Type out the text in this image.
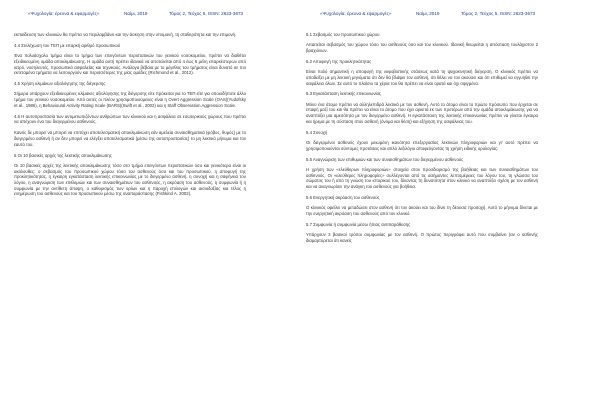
«Ψυχολογία: έρευνα & εφαρμογές»	Ναίμι, 2019	Τόμος 2, Τεύχος 5, ISSN: 2623-3673

εκπαίδευση των κλινικών θα πρέπει να περιλαμβάνει και την άσκηση στην υπομονή, τη σταθερότητα και την επιμονή.

4.4 Στελέχωση του ΤΕΠ με επαρκή αριθμό προσωπικού

Ένα πολυάσχολο τμήμα είναι το τμήμα των επειγόντων περιστατικών του γενικού νοσοκομείου, πρέπει να διαθέτει εξειδικευμένη ομάδα αποκλιμάκωσης. Η ομάδα αυτή πρέπει ιδανικά να αποτελείται από 4 έως 6 μέλη επαρκέστερων από ιατρό, νοσηλευτές, προσωπικό ασφαλείας και τεχνικούς. Ανάλογα βέβαια με το μέγεθος του τμήματος είναι δυνατό σε πιο εκτεταμένα τμήματα να λειτουργούν και περισσότερες της μίας ομάδες (Richmond et al., 2012).

4.5 Χρήση κλιμάκων αξιολόγησης της διέγερσης

Σήμερα υπάρχουν εξειδικευμένες κλίμακες αξιολόγησης της διέγερσης είτε πρόκειται για το ΤΕΠ είτε για οποιοδήποτε άλλο τμήμα του γενικού νοσοκομείου. Από αυτές οι πλέον χρησιμοποιούμενες είναι η Overt Aggression Scale (OAS)(Yudofsky et al., 1986), η Behavioural Activity Rating Scale (BARS)(Swift et al., 2002) και η Staff Observation Aggression Scale.

4.6 Η αυτοπροστασία των αντιμετωπιζόντων ανθρώπων των κλινικού και η ασφάλεια σε εσωτερικούς χώρους που πρέπει να απέχουν ένα του διεγερμένου ασθενούς.

Κανείς δε μπορεί να μπορεί να επιτύχει αποτελεσματική αποκλιμάκωση εάν αμελεία συναισθηματικά (φόβος, θυμός) με το διεγερμένο ασθενή ή αν δεν μπορεί να ελέγξει αποτελεσματικά (μέσω της αυτοπροστασίας) το μη λεκτικό μήνυμα και τον εαυτό του.

5 Οι 10 βασικές αρχές της λεκτικής αποκλιμάκωσης

Οι 10 βασικές αρχές της λεκτικής αποκλιμάκωσης τόσο στο τμήμα επειγόντων περιστατικών όσο και γενικότερα είναι οι ακόλουθες: ο σεβασμός του προσωπικού χώρου τόσο του ασθενούς όσο και του προσωπικού, η αποφυγή της προκλητικότητας, η έγκαιρη εγκατάσταση λεκτικής επικοινωνίας με το διεγερμένο ασθενή, η συνοχή και η σαφήνεια του λόγου, η αναγνώριση των επιθυμιών και των συναισθημάτων του ασθενούς, η ακρόαση του ασθενούς, η συμφωνία ή η συμφωνία με την αντίθετη άποψη, ο καθορισμός των ορίων και η παροχή επιλογών και αισιοδοξίας και τέλος η ενημέρωση του ασθενούς και του προσωπικού μέσω της αναπαράστασης (Fishkind A. 2002).

«Ψυχολογία: έρευνα & εφαρμογές»	Ναίμι, 2019	Τόμος 2, Τεύχος 5, ISSN: 2623-3673

5.1 Σεβασμός του προσωπικού χώρου

Απαιτείται σεβασμός του χώρου τόσο του ασθενούς όσο και του κλινικού. Ιδανική θεωρείται η απόσταση τουλάχιστον 2 βραχιόνων.

5.2 Αποφυγή της προκλητικότητας

Είναι πολύ σημαντική η αποφυγή της εκφοβιστικής στάσεως κατά τη ψυχοκινητική διέγερση. Ο κλινικός πρέπει να αποδείξει με μη λεκτική μηνύματα ότι δεν θα βλάψει τον ασθενή, ότι θέλει να τον ακούσει και ότι επιθυμεί να εγγυηθεί την ασφάλεια όλων. Σε αυτό το πλαίσιο τα χέρια του θα πρέπει να είναι ορατά και όχι σφιγμένα.

5.3 Εγκατάσταση λεκτικής επικοινωνίας

Μόνο ένα άτομο πρέπει να αλληλεπιδρά λεκτικά με τον ασθενή. Αυτό το άτομο είναι το πρώτο πρόσωπο που έρχεται σε επαφή μαζί του και θα πρέπει να είναι το άτομο που έχει αρκετά εκ των προτέρων από την ομάδα αποκλιμάκωσης για να αναπτύξει μια αμεσότητα με τον διεγερμένο ασθενή. Η εγκατάσταση της λεκτικής επικοινωνίας πρέπει να γίνεται έγκαιρα και ήρεμα με τη σύσταση στον ασθενή (όνομα και θέση) και εξήγηση της ασφάλειας του.

5.4 Συνοχή

Οι διεγερμένοι ασθενείς έχουν μειωμένη ικανότητα επεξεργασίας λεκτικών πληροφοριών και γι' αυτό πρέπει να χρησιμοποιούνται σύντομες προτάσεις και απλό λεξιλόγιο αποφεύγοντας τη χρήση ειδικής ορολογίας.

5.5 Αναγνώριση των επιθυμιών και των συναισθημάτων του διεγερμένου ασθενούς

Η χρήση των «ελεύθερων πληροφοριών» στοιχεία στον προσδιορισμό της βοήθειας και των συναισθημάτων του ασθενούς. Οι «ελεύθερες πληροφορίες» συλλέγονται από τις ασήμαντες λεπτομέρειες του λόγου του, τη γλώσσα του σώματος του ή από τη γνώση του ιστορικού του, δίνοντας τη δυνατότητα στον κλινικό να αναπτύξει σχέση με τον ασθενή και να αναγνωρίσει την ανάγκη του ασθενούς για βοήθεια.

5.6 Ενεργητική ακρόαση του ασθενούς

Ο κλινικός οφείλει να μεταδώσει στον ασθενή ότι τον ακούει και του δίνει τη δέουσα προσοχή. Αυτό το μήνυμα δίνεται με την ενεργητική ακρόαση του ασθενούς από τον κλινικό.

5.7 Συμφωνία ή συμφωνία μέσω ήπιας αντιπαράθεσης

Υπάρχουν 3 βασικοί τρόποι συμφωνίας με τον ασθενή. Ο πρώτος περιγράφει αυτό που συμβαίνει (αν ο ασθενής διαμαρτύρεται ότι κανείς
